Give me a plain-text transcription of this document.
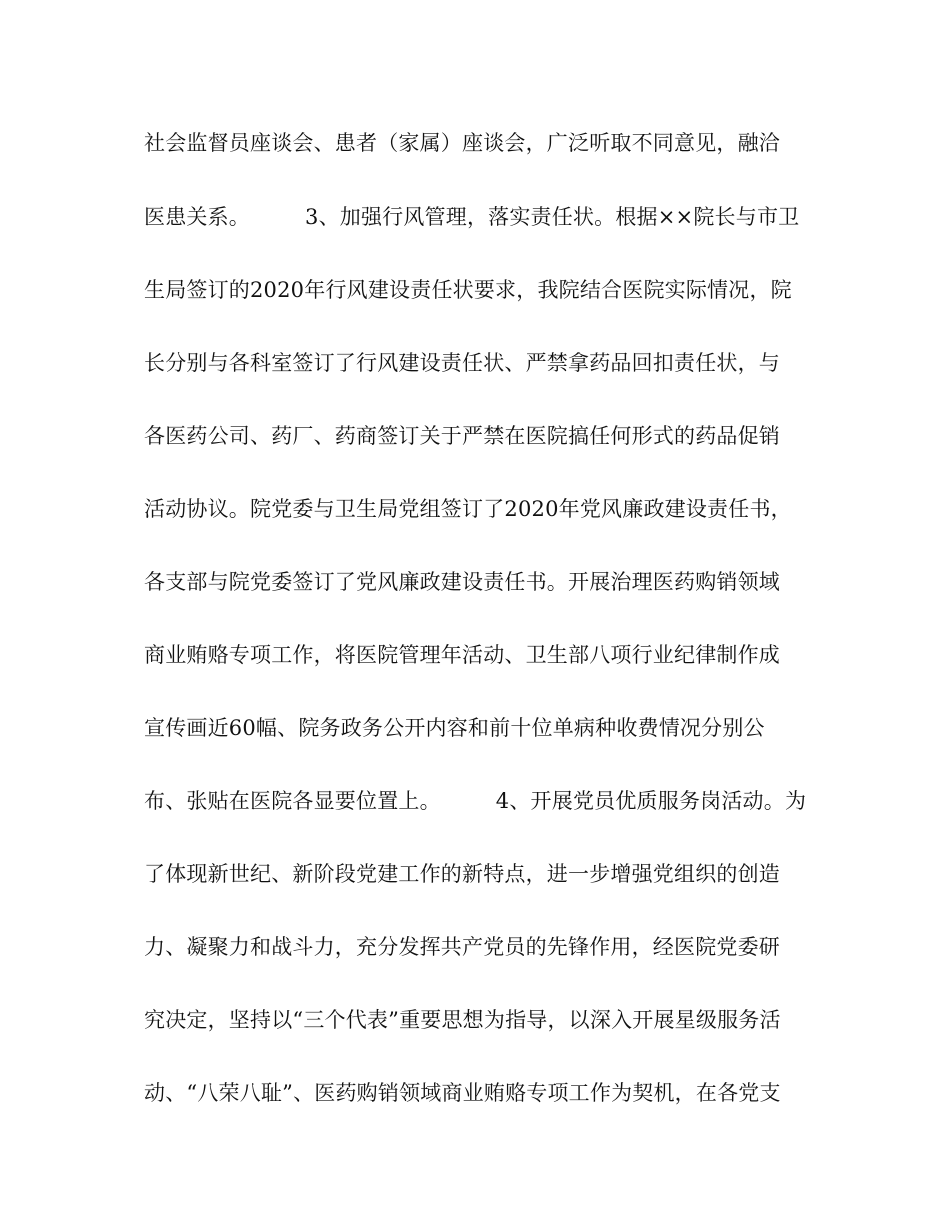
社会监督员座谈会、患者（家属）座谈会，广泛听取不同意见，融洽
医患关系。        3、加强行风管理，落实责任状。根据××院长与市卫
生局签订的2020年行风建设责任状要求，我院结合医院实际情况，院
长分别与各科室签订了行风建设责任状、严禁拿药品回扣责任状，与
各医药公司、药厂、药商签订关于严禁在医院搞任何形式的药品促销
活动协议。院党委与卫生局党组签订了2020年党风廉政建设责任书，
各支部与院党委签订了党风廉政建设责任书。开展治理医药购销领域
商业贿赂专项工作，将医院管理年活动、卫生部八项行业纪律制作成
宣传画近60幅、院务政务公开内容和前十位单病种收费情况分别公
布、张贴在医院各显要位置上。        4、开展党员优质服务岗活动。为
了体现新世纪、新阶段党建工作的新特点，进一步增强党组织的创造
力、凝聚力和战斗力，充分发挥共产党员的先锋作用，经医院党委研
究决定，坚持以“三个代表”重要思想为指导，以深入开展星级服务活
动、“八荣八耻”、医药购销领域商业贿赂专项工作为契机，在各党支
